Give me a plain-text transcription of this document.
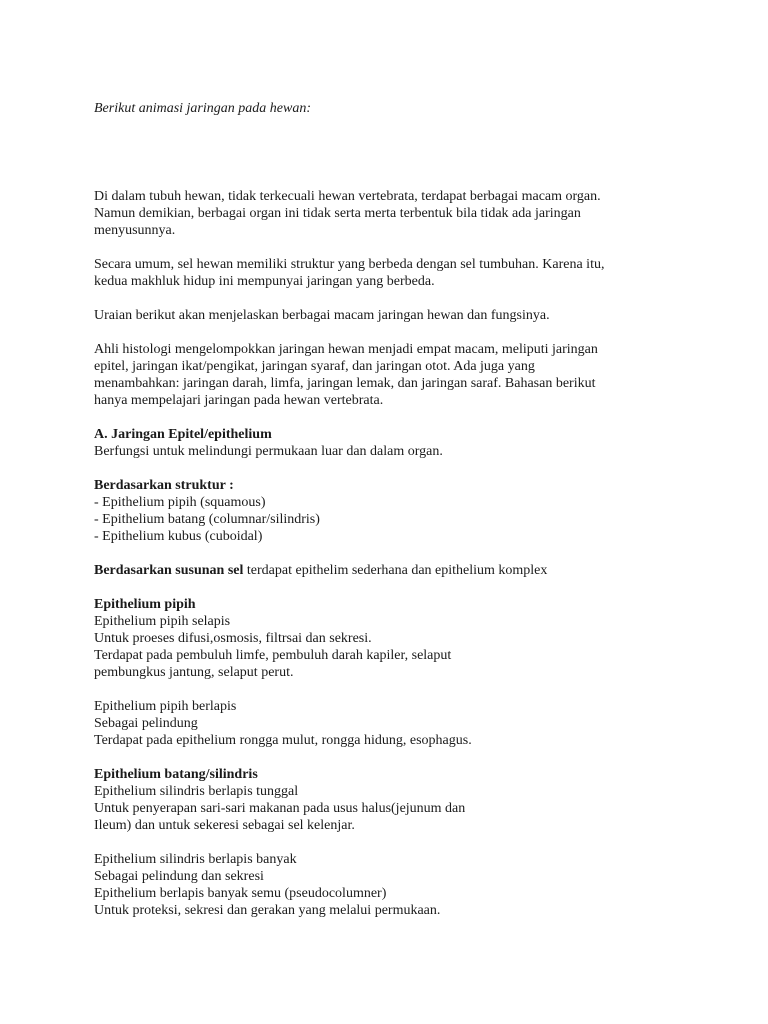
Berikut animasi jaringan pada hewan:
Di dalam tubuh hewan, tidak terkecuali hewan vertebrata, terdapat berbagai macam organ.
Namun demikian, berbagai organ ini tidak serta merta terbentuk bila tidak ada jaringan
menyusunnya.
Secara umum, sel hewan memiliki struktur yang berbeda dengan sel tumbuhan. Karena itu,
kedua makhluk hidup ini mempunyai jaringan yang berbeda.
Uraian berikut akan menjelaskan berbagai macam jaringan hewan dan fungsinya.
Ahli histologi mengelompokkan jaringan hewan menjadi empat macam, meliputi jaringan
epitel, jaringan ikat/pengikat, jaringan syaraf, dan jaringan otot. Ada juga yang
menambahkan: jaringan darah, limfa, jaringan lemak, dan jaringan saraf. Bahasan berikut
hanya mempelajari jaringan pada hewan vertebrata.
A. Jaringan Epitel/epithelium
Berfungsi untuk melindungi permukaan luar dan dalam organ.
Berdasarkan struktur :
- Epithelium pipih (squamous)
- Epithelium batang (columnar/silindris)
- Epithelium kubus (cuboidal)
Berdasarkan susunan sel terdapat epithelim sederhana dan epithelium komplex
Epithelium pipih
Epithelium pipih selapis
Untuk proeses difusi,osmosis, filtrsai dan sekresi.
Terdapat pada pembuluh limfe, pembuluh darah kapiler, selaput
pembungkus jantung, selaput perut.
Epithelium pipih berlapis
Sebagai pelindung
Terdapat pada epithelium rongga mulut, rongga hidung, esophagus.
Epithelium batang/silindris
Epithelium silindris berlapis tunggal
Untuk penyerapan sari-sari makanan pada usus halus(jejunum dan
Ileum) dan untuk sekeresi sebagai sel kelenjar.
Epithelium silindris berlapis banyak
Sebagai pelindung dan sekresi
Epithelium berlapis banyak semu (pseudocolumner)
Untuk proteksi, sekresi dan gerakan yang melalui permukaan.
